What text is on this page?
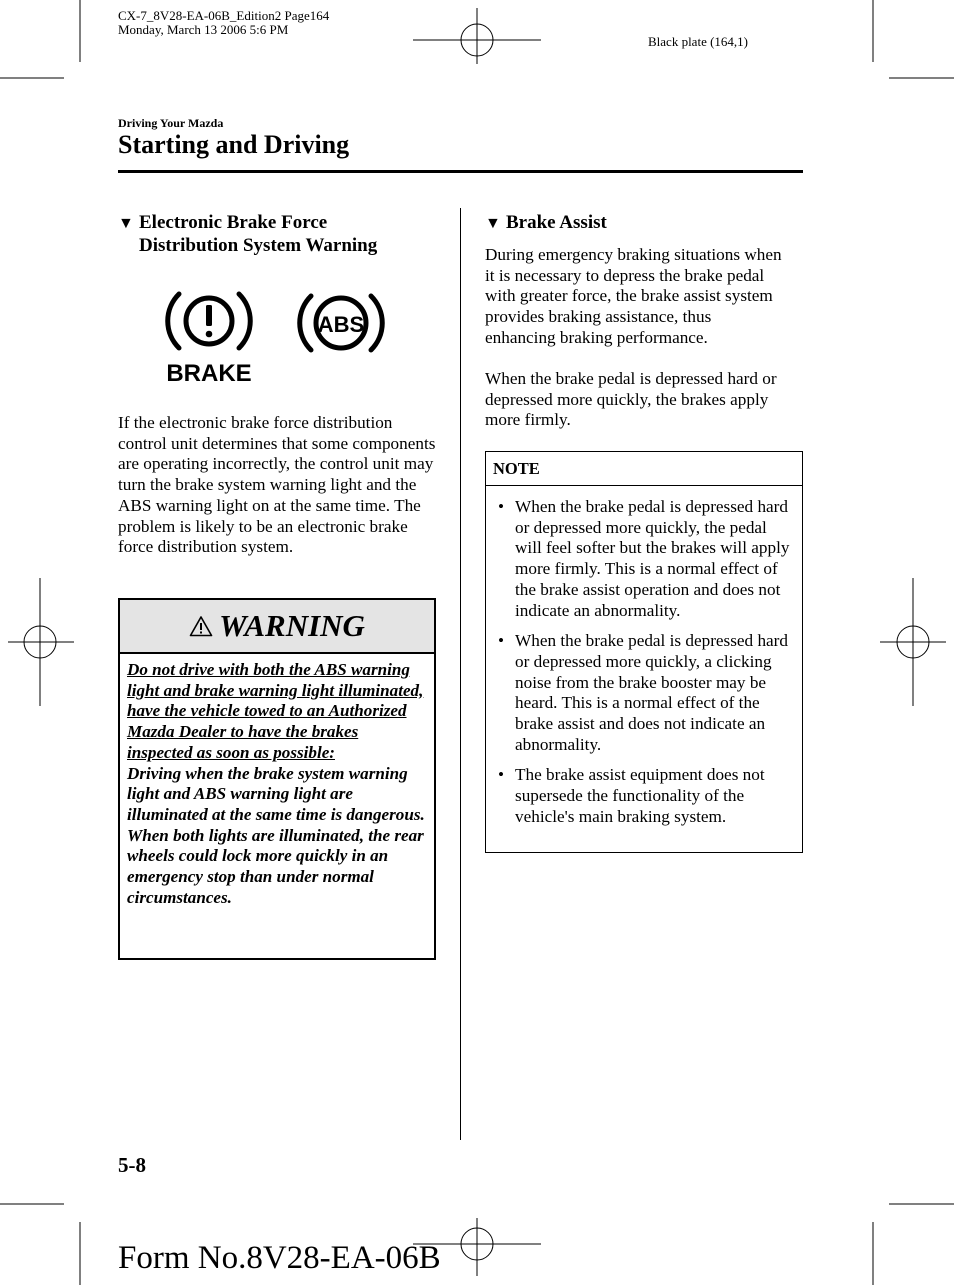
CX-7_8V28-EA-06B_Edition2 Page164
Monday, March 13 2006 5:6 PM
Black plate (164,1)
Driving Your Mazda
Starting and Driving
▼ Electronic Brake Force
Distribution System Warning
BRAKE
ABS

If the electronic brake force distribution control unit determines that some components are operating incorrectly, the control unit may turn the brake system warning light and the ABS warning light on at the same time. The problem is likely to be an electronic brake force distribution system.

WARNING

Do not drive with both the ABS warning light and brake warning light illuminated, have the vehicle towed to an Authorized Mazda Dealer to have the brakes inspected as soon as possible:

Driving when the brake system warning light and ABS warning light are illuminated at the same time is dangerous.

When both lights are illuminated, the rear wheels could lock more quickly in an emergency stop than under normal circumstances.

▼ Brake Assist

During emergency braking situations when it is necessary to depress the brake pedal with greater force, the brake assist system provides braking assistance, thus enhancing braking performance.

When the brake pedal is depressed hard or depressed more quickly, the brakes apply more firmly.

NOTE
• When the brake pedal is depressed hard or depressed more quickly, the pedal will feel softer but the brakes will apply more firmly. This is a normal effect of the brake assist operation and does not indicate an abnormality.
• When the brake pedal is depressed hard or depressed more quickly, a clicking noise from the brake booster may be heard. This is a normal effect of the brake assist and does not indicate an abnormality.
• The brake assist equipment does not supersede the functionality of the vehicle's main braking system.
5-8
Form No.8V28-EA-06B
